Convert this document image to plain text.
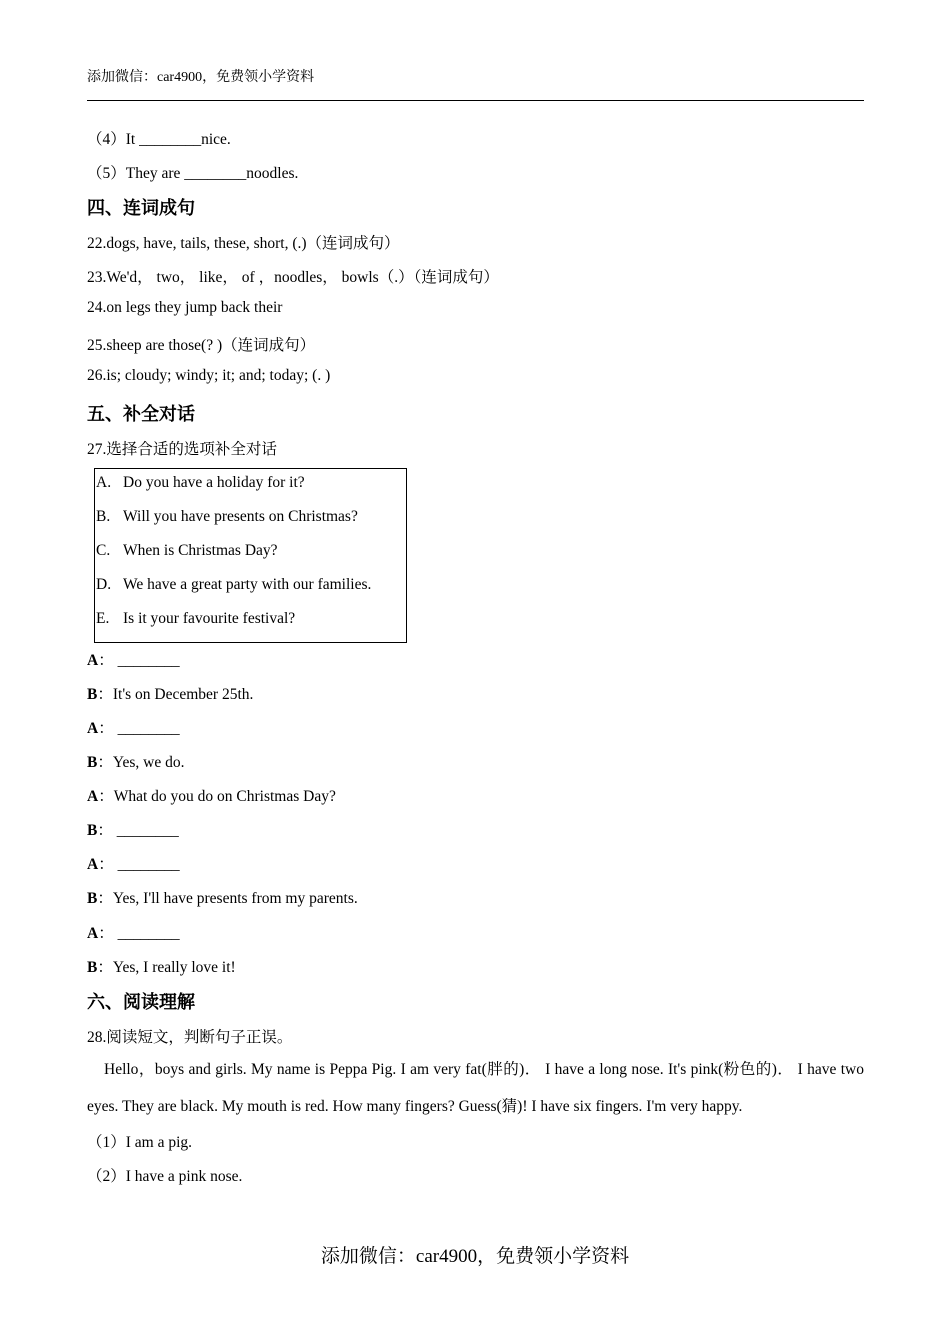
添加微信：car4900，免费领小学资料
（4）It ________nice.
（5）They are ________noodles.
四、连词成句
22.dogs, have, tails, these, short, (.)（连词成句）
23.We'd， two， like， of ，noodles， bowls（.）（连词成句）
24.on legs they jump back their
25.sheep are those(? )（连词成句）
26.is; cloudy; windy; it; and; today; (. )
五、补全对话
27.选择合适的选项补全对话
A. Do you have a holiday for it?
B. Will you have presents on Christmas?
C. When is Christmas Day?
D. We have a great party with our families.
E. Is it your favourite festival?
A： ________
B：It's on December 25th.
A： ________
B：Yes, we do.
A：What do you do on Christmas Day?
B： ________
A： ________
B：Yes, I'll have presents from my parents.
A： ________
B：Yes, I really love it!
六、阅读理解
28.阅读短文，判断句子正误。
Hello，boys and girls. My name is Peppa Pig. I am very fat(胖的)． I have a long nose. It's pink(粉色的)． I have two eyes. They are black. My mouth is red. How many fingers? Guess(猜)! I have six fingers. I'm very happy.
（1）I am a pig.
（2）I have a pink nose.
添加微信：car4900，免费领小学资料
